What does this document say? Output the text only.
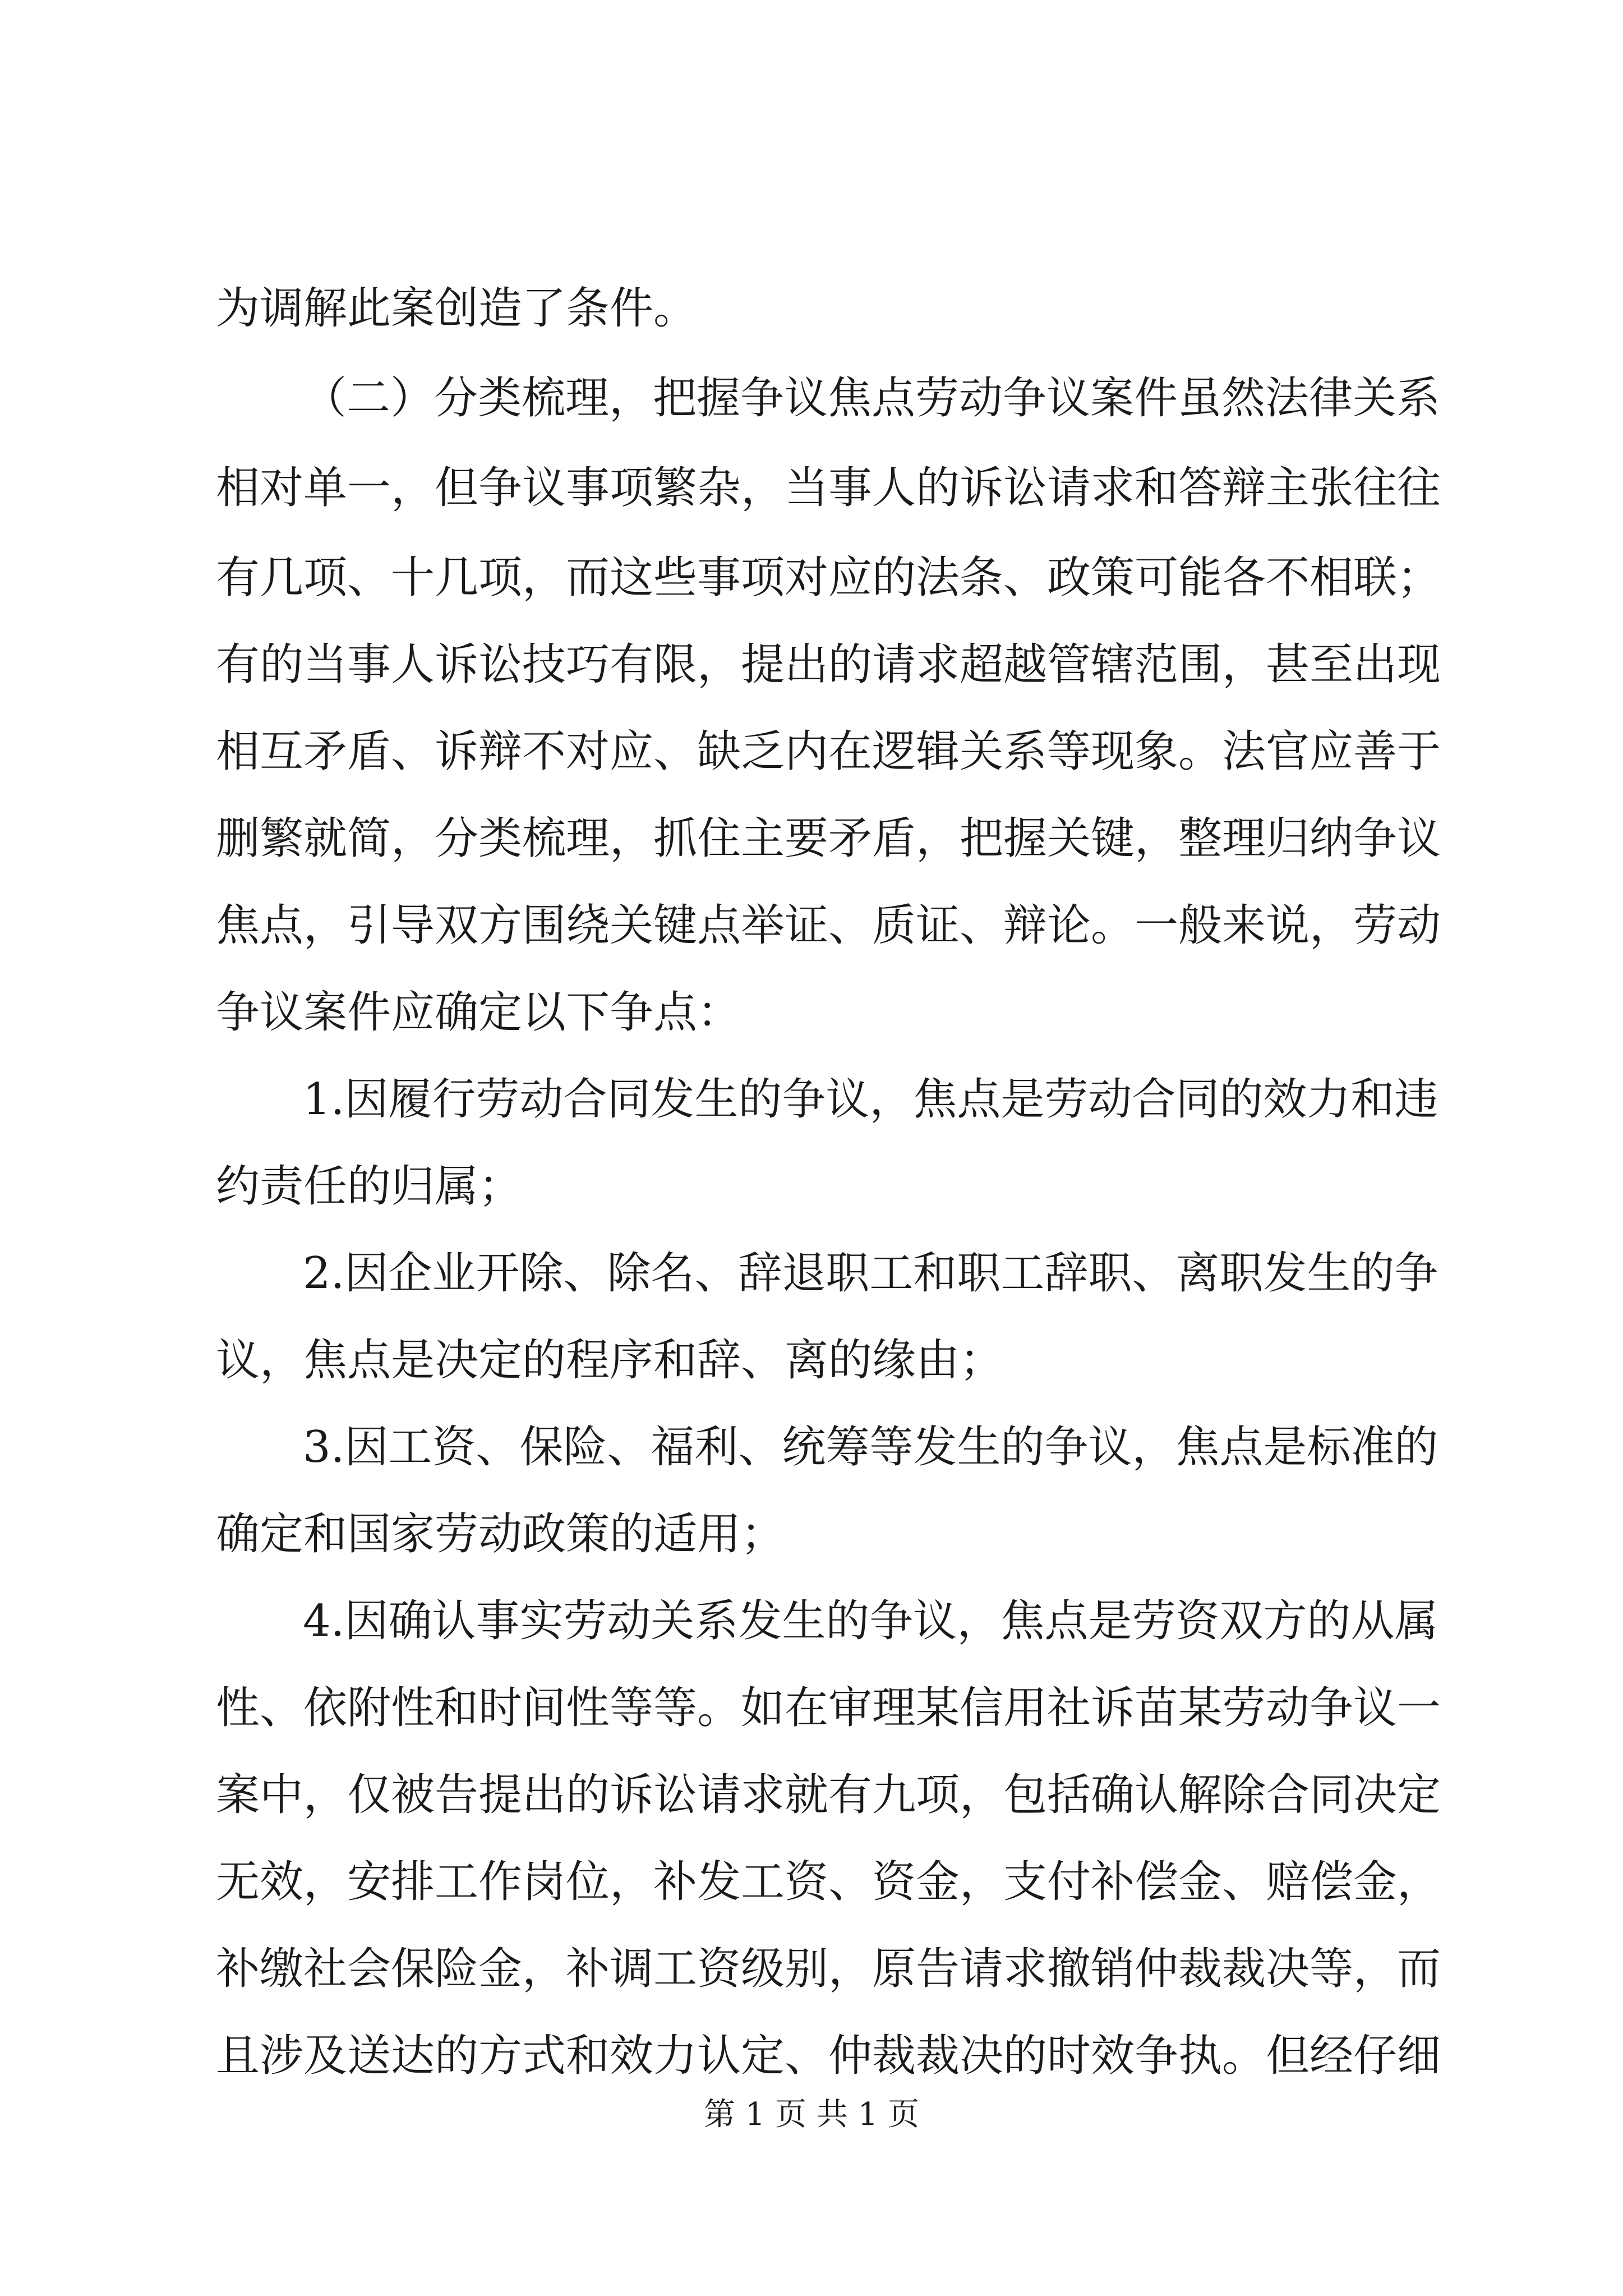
为调解此案创造了条件。
（二）分类梳理，把握争议焦点劳动争议案件虽然法律关系
相对单一，但争议事项繁杂，当事人的诉讼请求和答辩主张往往
有几项、十几项，而这些事项对应的法条、政策可能各不相联；
有的当事人诉讼技巧有限，提出的请求超越管辖范围，甚至出现
相互矛盾、诉辩不对应、缺乏内在逻辑关系等现象。法官应善于
删繁就简，分类梳理，抓住主要矛盾，把握关键，整理归纳争议
焦点，引导双方围绕关键点举证、质证、辩论。一般来说，劳动
争议案件应确定以下争点：
1.因履行劳动合同发生的争议，焦点是劳动合同的效力和违
约责任的归属；
2.因企业开除、除名、辞退职工和职工辞职、离职发生的争
议，焦点是决定的程序和辞、离的缘由；
3.因工资、保险、福利、统筹等发生的争议，焦点是标准的
确定和国家劳动政策的适用；
4.因确认事实劳动关系发生的争议，焦点是劳资双方的从属
性、依附性和时间性等等。如在审理某信用社诉苗某劳动争议一
案中，仅被告提出的诉讼请求就有九项，包括确认解除合同决定
无效，安排工作岗位，补发工资、资金，支付补偿金、赔偿金，
补缴社会保险金，补调工资级别，原告请求撤销仲裁裁决等，而
且涉及送达的方式和效力认定、仲裁裁决的时效争执。但经仔细
第 1 页 共 1 页
